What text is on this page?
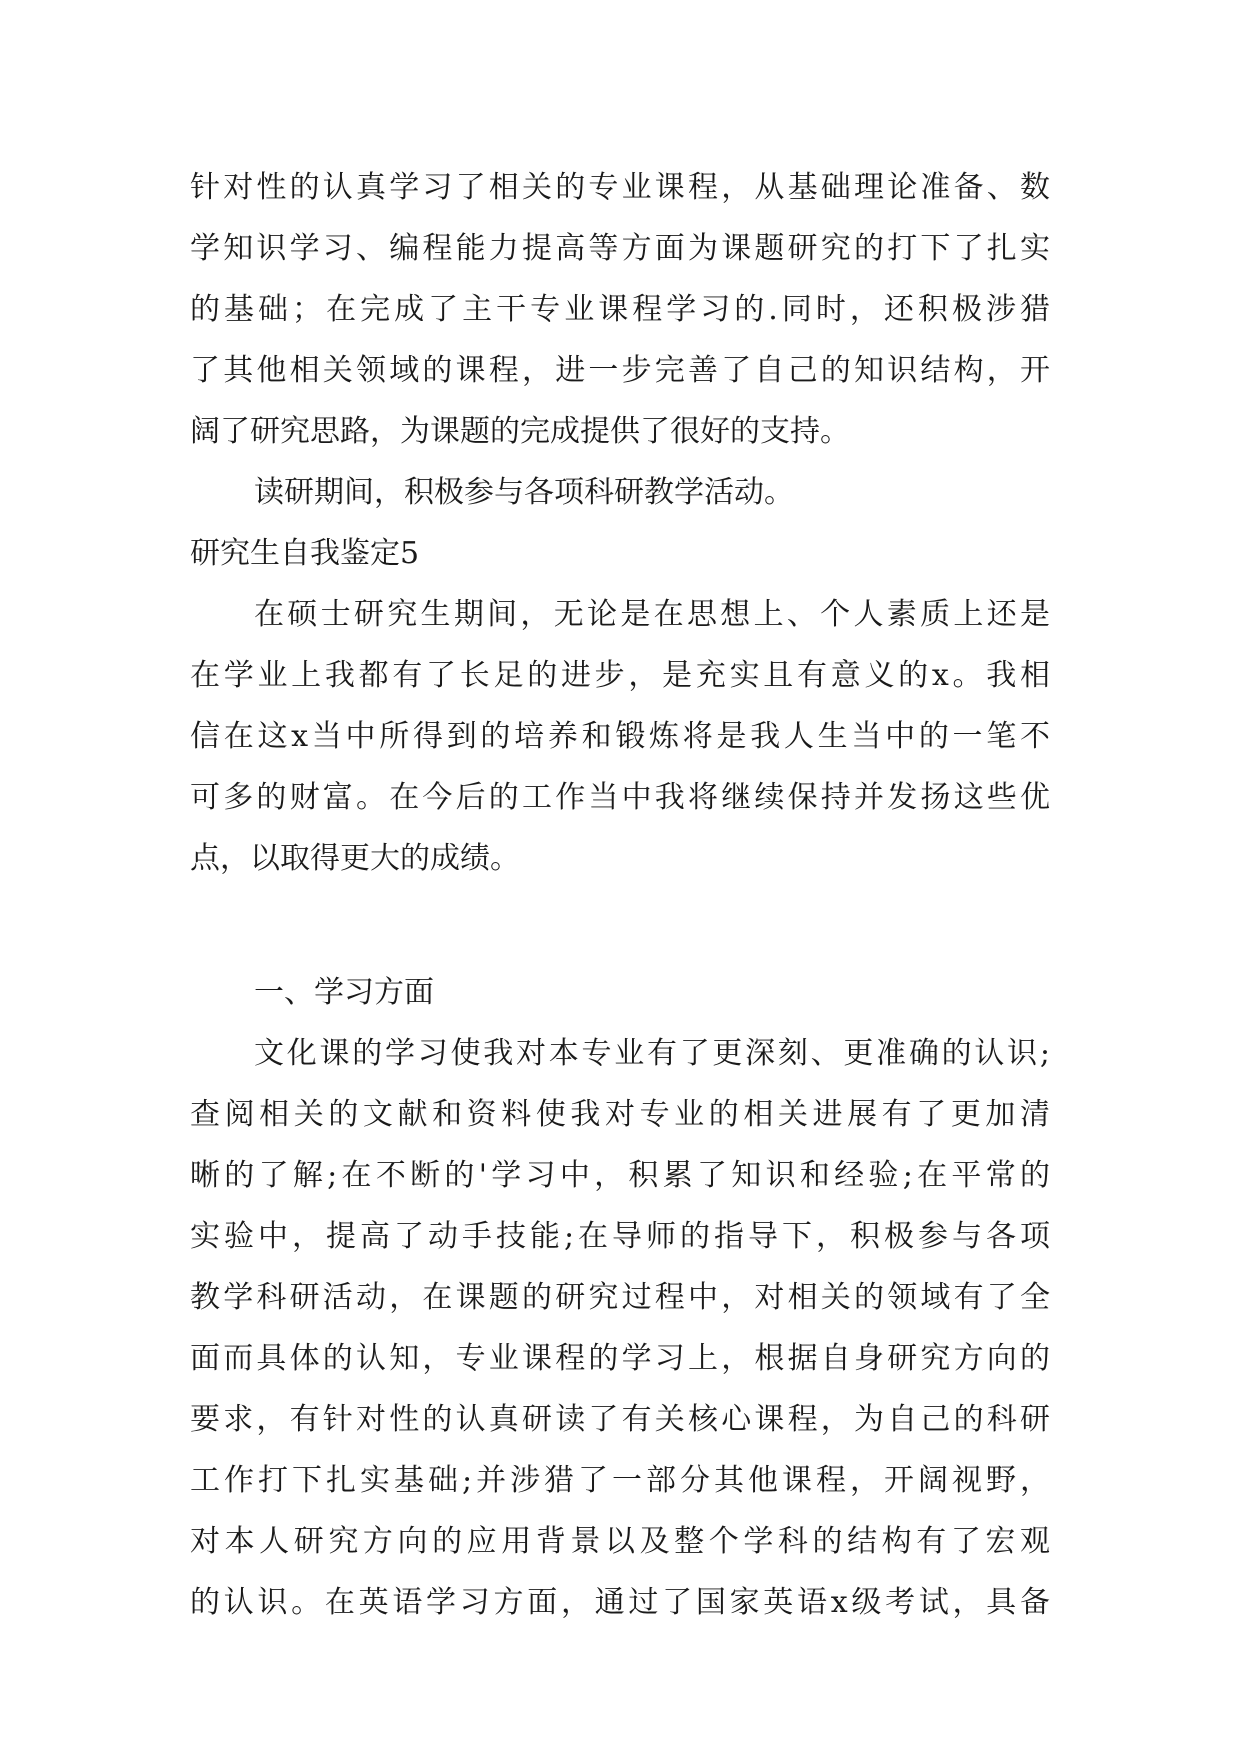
针对性的认真学习了相关的专业课程，从基础理论准备、数
学知识学习、编程能力提高等方面为课题研究的打下了扎实
的基础；在完成了主干专业课程学习的.同时，还积极涉猎
了其他相关领域的课程，进一步完善了自己的知识结构，开
阔了研究思路，为课题的完成提供了很好的支持。
读研期间，积极参与各项科研教学活动。
研究生自我鉴定5
在硕士研究生期间，无论是在思想上、个人素质上还是
在学业上我都有了长足的进步，是充实且有意义的x。我相
信在这x当中所得到的培养和锻炼将是我人生当中的一笔不
可多的财富。在今后的工作当中我将继续保持并发扬这些优
点，以取得更大的成绩。
一、学习方面
文化课的学习使我对本专业有了更深刻、更准确的认识;
查阅相关的文献和资料使我对专业的相关进展有了更加清
晰的了解;在不断的'学习中，积累了知识和经验;在平常的
实验中，提高了动手技能;在导师的指导下，积极参与各项
教学科研活动，在课题的研究过程中，对相关的领域有了全
面而具体的认知，专业课程的学习上，根据自身研究方向的
要求，有针对性的认真研读了有关核心课程，为自己的科研
工作打下扎实基础;并涉猎了一部分其他课程，开阔视野，
对本人研究方向的应用背景以及整个学科的结构有了宏观
的认识。在英语学习方面，通过了国家英语x级考试，具备
